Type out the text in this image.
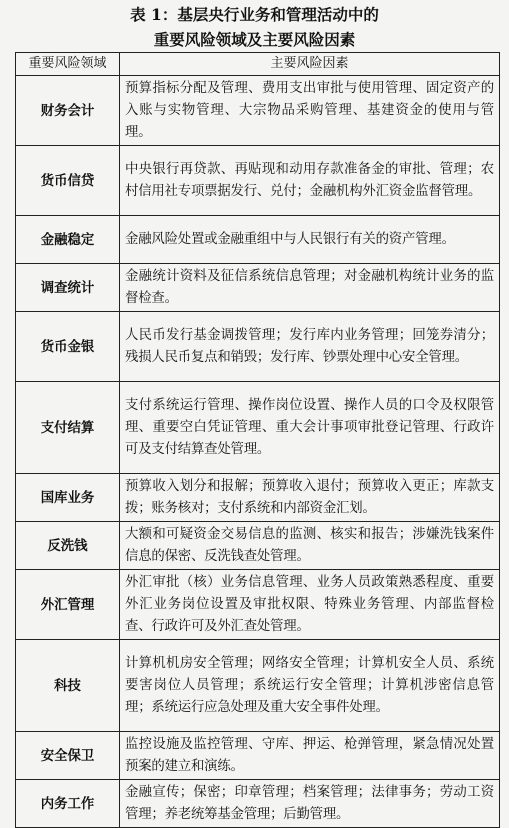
表 1：基层央行业务和管理活动中的
重要风险领域及主要风险因素
重要风险领域	主要风险因素
财务会计	预算指标分配及管理、费用支出审批与使用管理、固定资产的入账与实物管理、大宗物品采购管理、基建资金的使用与管理。
货币信贷	中央银行再贷款、再贴现和动用存款准备金的审批、管理；农村信用社专项票据发行、兑付；金融机构外汇资金监督管理。
金融稳定	金融风险处置或金融重组中与人民银行有关的资产管理。
调查统计	金融统计资料及征信系统信息管理；对金融机构统计业务的监督检查。
货币金银	人民币发行基金调拨管理；发行库内业务管理；回笼券清分；残损人民币复点和销毁；发行库、钞票处理中心安全管理。
支付结算	支付系统运行管理、操作岗位设置、操作人员的口令及权限管理、重要空白凭证管理、重大会计事项审批登记管理、行政许可及支付结算查处管理。
国库业务	预算收入划分和报解；预算收入退付；预算收入更正；库款支拨；账务核对；支付系统和内部资金汇划。
反洗钱	大额和可疑资金交易信息的监测、核实和报告；涉嫌洗钱案件信息的保密、反洗钱查处管理。
外汇管理	外汇审批（核）业务信息管理、业务人员政策熟悉程度、重要外汇业务岗位设置及审批权限、特殊业务管理、内部监督检查、行政许可及外汇查处管理。
科技	计算机机房安全管理；网络安全管理；计算机安全人员、系统要害岗位人员管理；系统运行安全管理；计算机涉密信息管理；系统运行应急处理及重大安全事件处理。
安全保卫	监控设施及监控管理、守库、押运、枪弹管理，紧急情况处置预案的建立和演练。
内务工作	金融宣传；保密；印章管理；档案管理；法律事务；劳动工资管理；养老统筹基金管理；后勤管理。
